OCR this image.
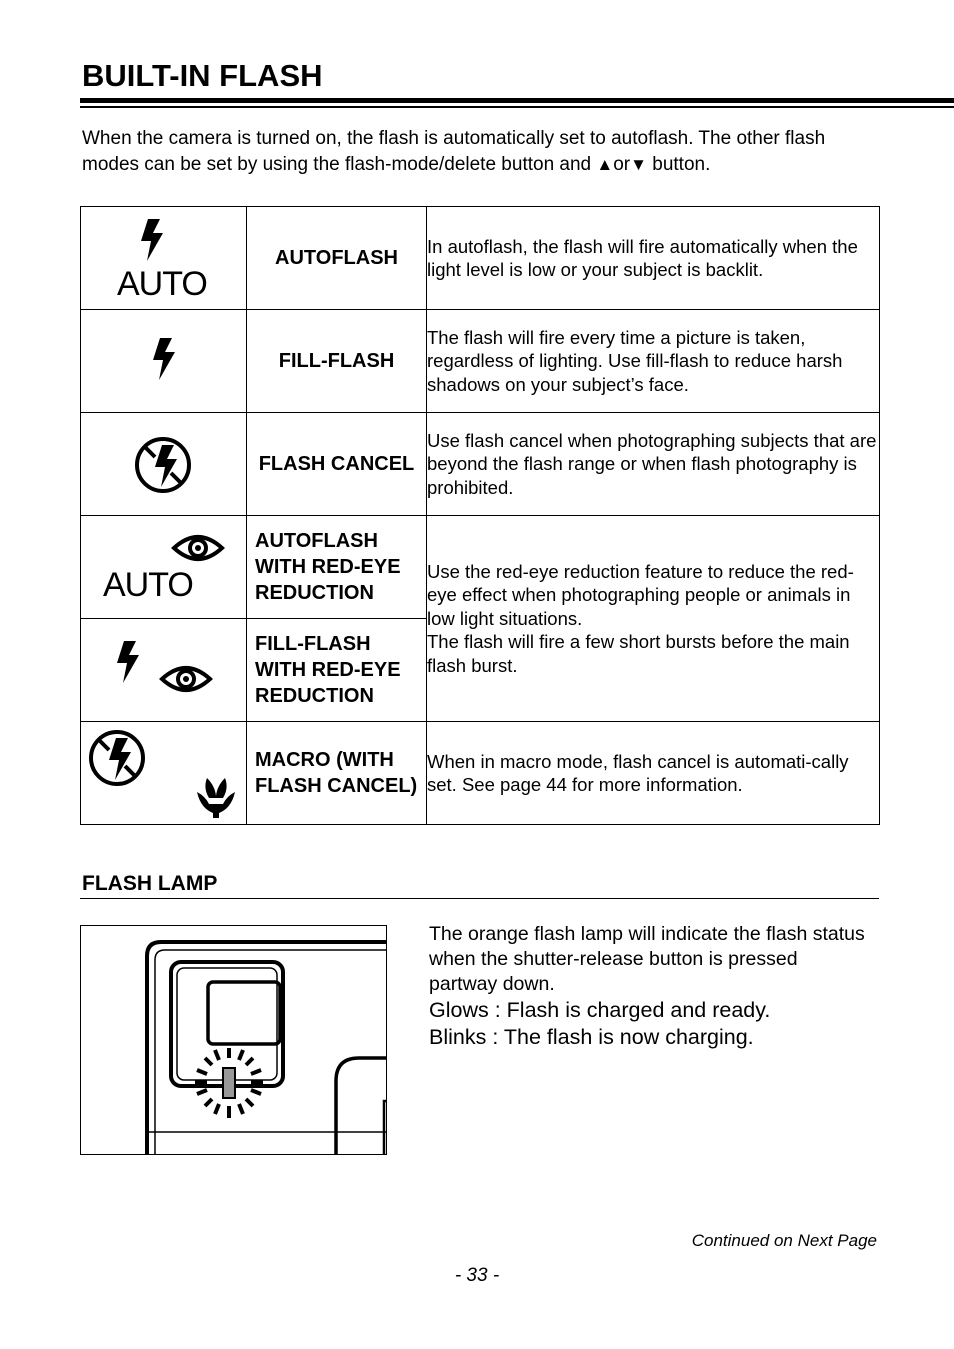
BUILT-IN FLASH
When the camera is turned on, the flash is automatically set to autoflash. The other flash modes can be set by using the flash-mode/delete button and ▲or▼ button.
AUTO	AUTOFLASH	In autoflash, the flash will fire automatically when the light level is low or your subject is backlit.

	FILL-FLASH	The flash will fire every time a picture is taken, regardless of lighting. Use fill-flash to reduce harsh shadows on your subject’s face.

	FLASH CANCEL	Use flash cancel when photographing subjects that are beyond the flash range or when flash photography is prohibited.

AUTO	AUTOFLASH WITH RED-EYE REDUCTION	Use the red-eye reduction feature to reduce the red-eye effect when photographing people or animals in low light situations.
The flash will fire a few short bursts before the main flash burst.

	FILL-FLASH WITH RED-EYE REDUCTION	

	MACRO (WITH FLASH CANCEL)	When in macro mode, flash cancel is automati-cally set. See page 44 for more information.
FLASH LAMP
The orange flash lamp will indicate the flash status when the shutter-release button is pressed partway down.
Glows : Flash is charged and ready.
Blinks : The flash is now charging.
Continued on Next Page
- 33 -
